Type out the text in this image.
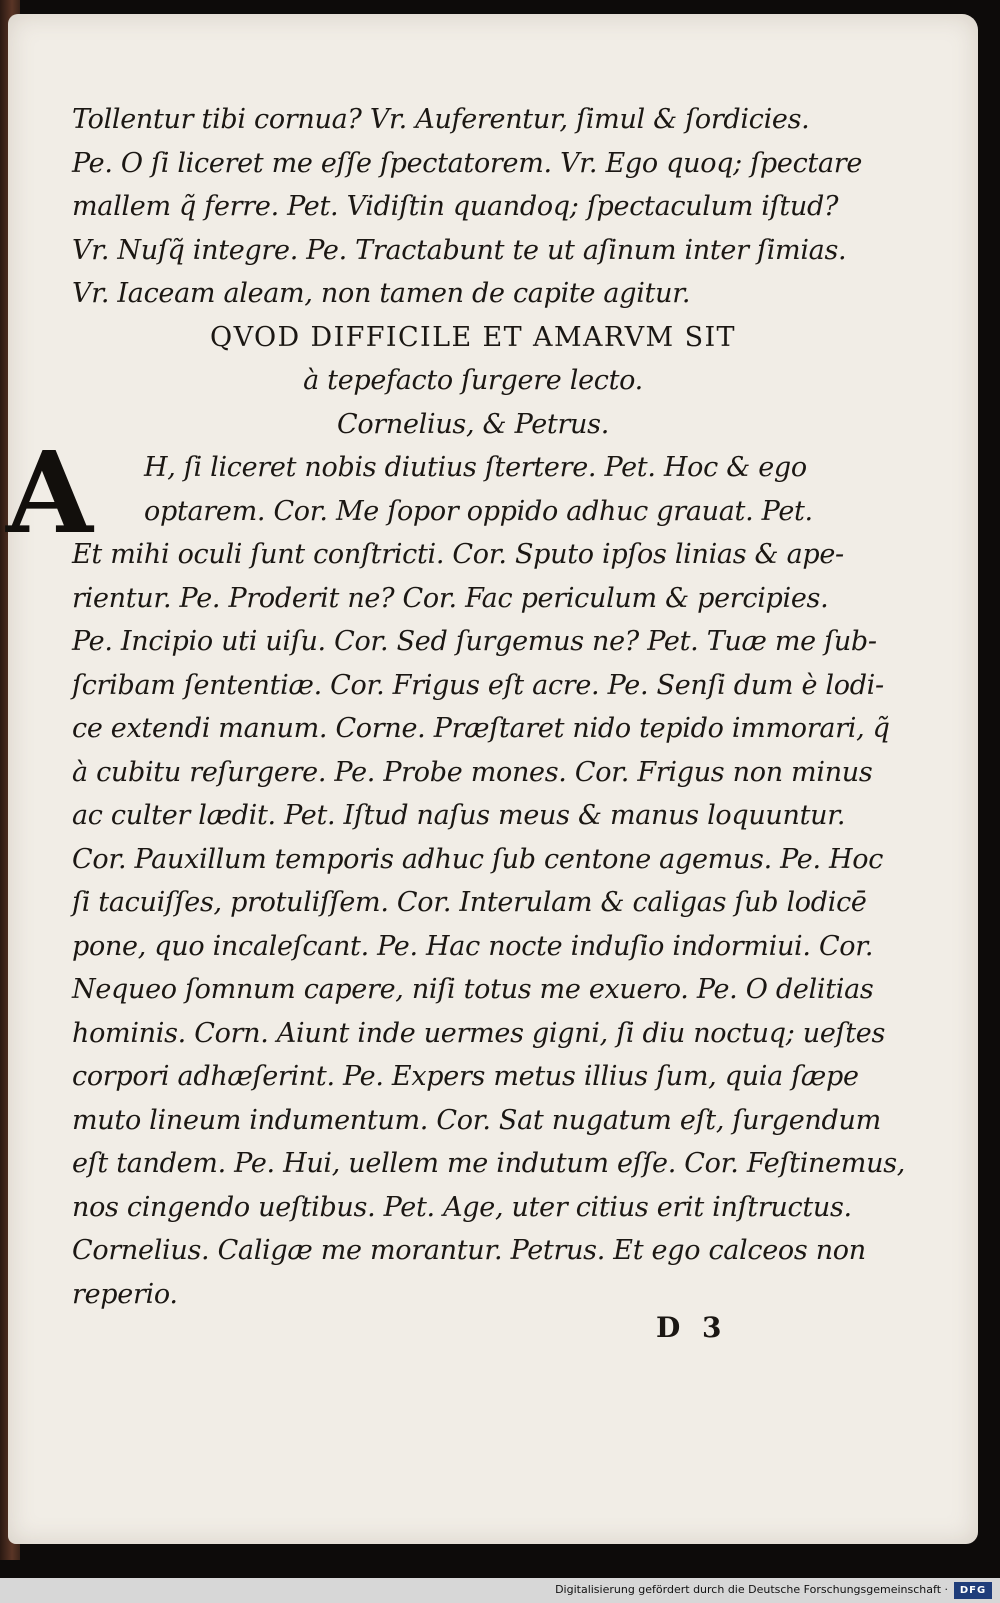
Tollentur tibi cornua? Vr. Auferentur, ſimul & ſordicies.
Pe. O ſi liceret me eſſe ſpectatorem. Vr. Ego quoq; ſpectare
mallem q̃ ferre. Pet. Vidiſtin quandoq; ſpectaculum iſtud?
Vr. Nuſq̃ integre. Pe. Tractabunt te ut aſinum inter ſimias.
Vr. Iaceam aleam, non tamen de capite agitur.
QVOD DIFFICILE ET AMARVM SIT
à tepefacto ſurgere lecto.
Cornelius, & Petrus.
H, ſi liceret nobis diutius ſtertere. Pet. Hoc & ego
optarem. Cor. Me ſopor oppido adhuc grauat. Pet.
Et mihi oculi ſunt conſtricti. Cor. Sputo ipſos linias & ape-
rientur. Pe. Proderit ne? Cor. Fac periculum & percipies.
Pe. Incipio uti uiſu. Cor. Sed ſurgemus ne? Pet. Tuæ me ſub-
ſcribam ſententiæ. Cor. Frigus eſt acre. Pe. Senſi dum è lodi-
ce extendi manum. Corne. Præſtaret nido tepido immorari, q̃
à cubitu reſurgere. Pe. Probe mones. Cor. Frigus non minus
ac culter lædit. Pet. Iſtud naſus meus & manus loquuntur.
Cor. Pauxillum temporis adhuc ſub centone agemus. Pe. Hoc
ſi tacuiſſes, protuliſſem. Cor. Interulam & caligas ſub lodicē
pone, quo incaleſcant. Pe. Hac nocte induſio indormiui. Cor.
Nequeo ſomnum capere, niſi totus me exuero. Pe. O delitias
hominis. Corn. Aiunt inde uermes gigni, ſi diu noctuq; ueſtes
corpori adhæſerint. Pe. Expers metus illius ſum, quia ſæpe
muto lineum indumentum. Cor. Sat nugatum eſt, ſurgendum
eſt tandem. Pe. Hui, uellem me indutum eſſe. Cor. Feſtinemus,
nos cingendo ueſtibus. Pet. Age, uter citius erit inſtructus.
Cornelius. Caligæ me morantur. Petrus. Et ego calceos non
reperio.
A
D 3
Digitalisierung gefördert durch die Deutsche Forschungsgemeinschaft ·	DFG
